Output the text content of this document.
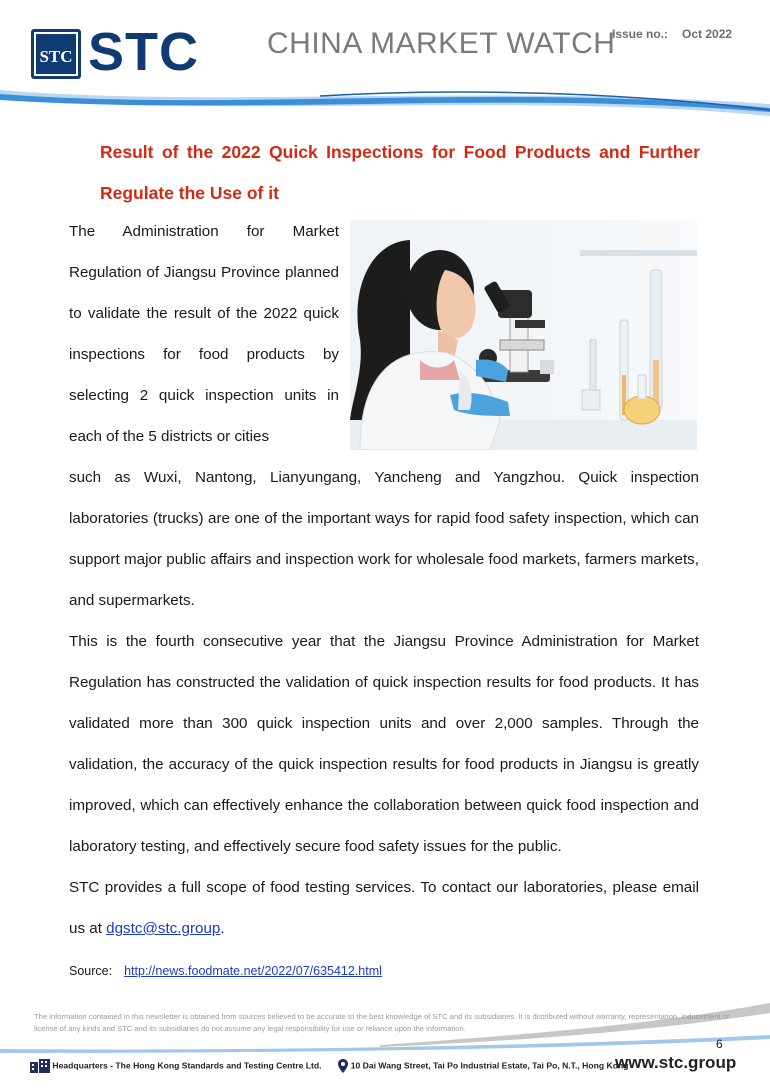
STC STC CHINA MARKET WATCH
Issue no.: Oct 2022
Result of the 2022 Quick Inspections for Food Products and Further Regulate the Use of it
The Administration for Market Regulation of Jiangsu Province planned to validate the result of the 2022 quick inspections for food products by selecting 2 quick inspection units in each of the 5 districts or cities
such as Wuxi, Nantong, Lianyungang, Yancheng and Yangzhou. Quick inspection laboratories (trucks) are one of the important ways for rapid food safety inspection, which can support major public affairs and inspection work for wholesale food markets, farmers markets, and supermarkets.
This is the fourth consecutive year that the Jiangsu Province Administration for Market Regulation has constructed the validation of quick inspection results for food products. It has validated more than 300 quick inspection units and over 2,000 samples. Through the validation, the accuracy of the quick inspection results for food products in Jiangsu is greatly improved, which can effectively enhance the collaboration between quick food inspection and laboratory testing, and effectively secure food safety issues for the public.
STC provides a full scope of food testing services. To contact our laboratories, please email us at dgstc@stc.group.
Source: http://news.foodmate.net/2022/07/635412.html
The information contained in this newsletter is obtained from sources believed to be accurate to the best knowledge of STC and its subsidiaries. It is distributed without warranty, representation, inducement or license of any kinds and STC and its subsidiaries do not assume any legal responsibility for use or reliance upon the information.
6
Headquarters - The Hong Kong Standards and Testing Centre Ltd.	10 Dai Wang Street, Tai Po Industrial Estate, Tai Po, N.T., Hong Kong
www.stc.group
